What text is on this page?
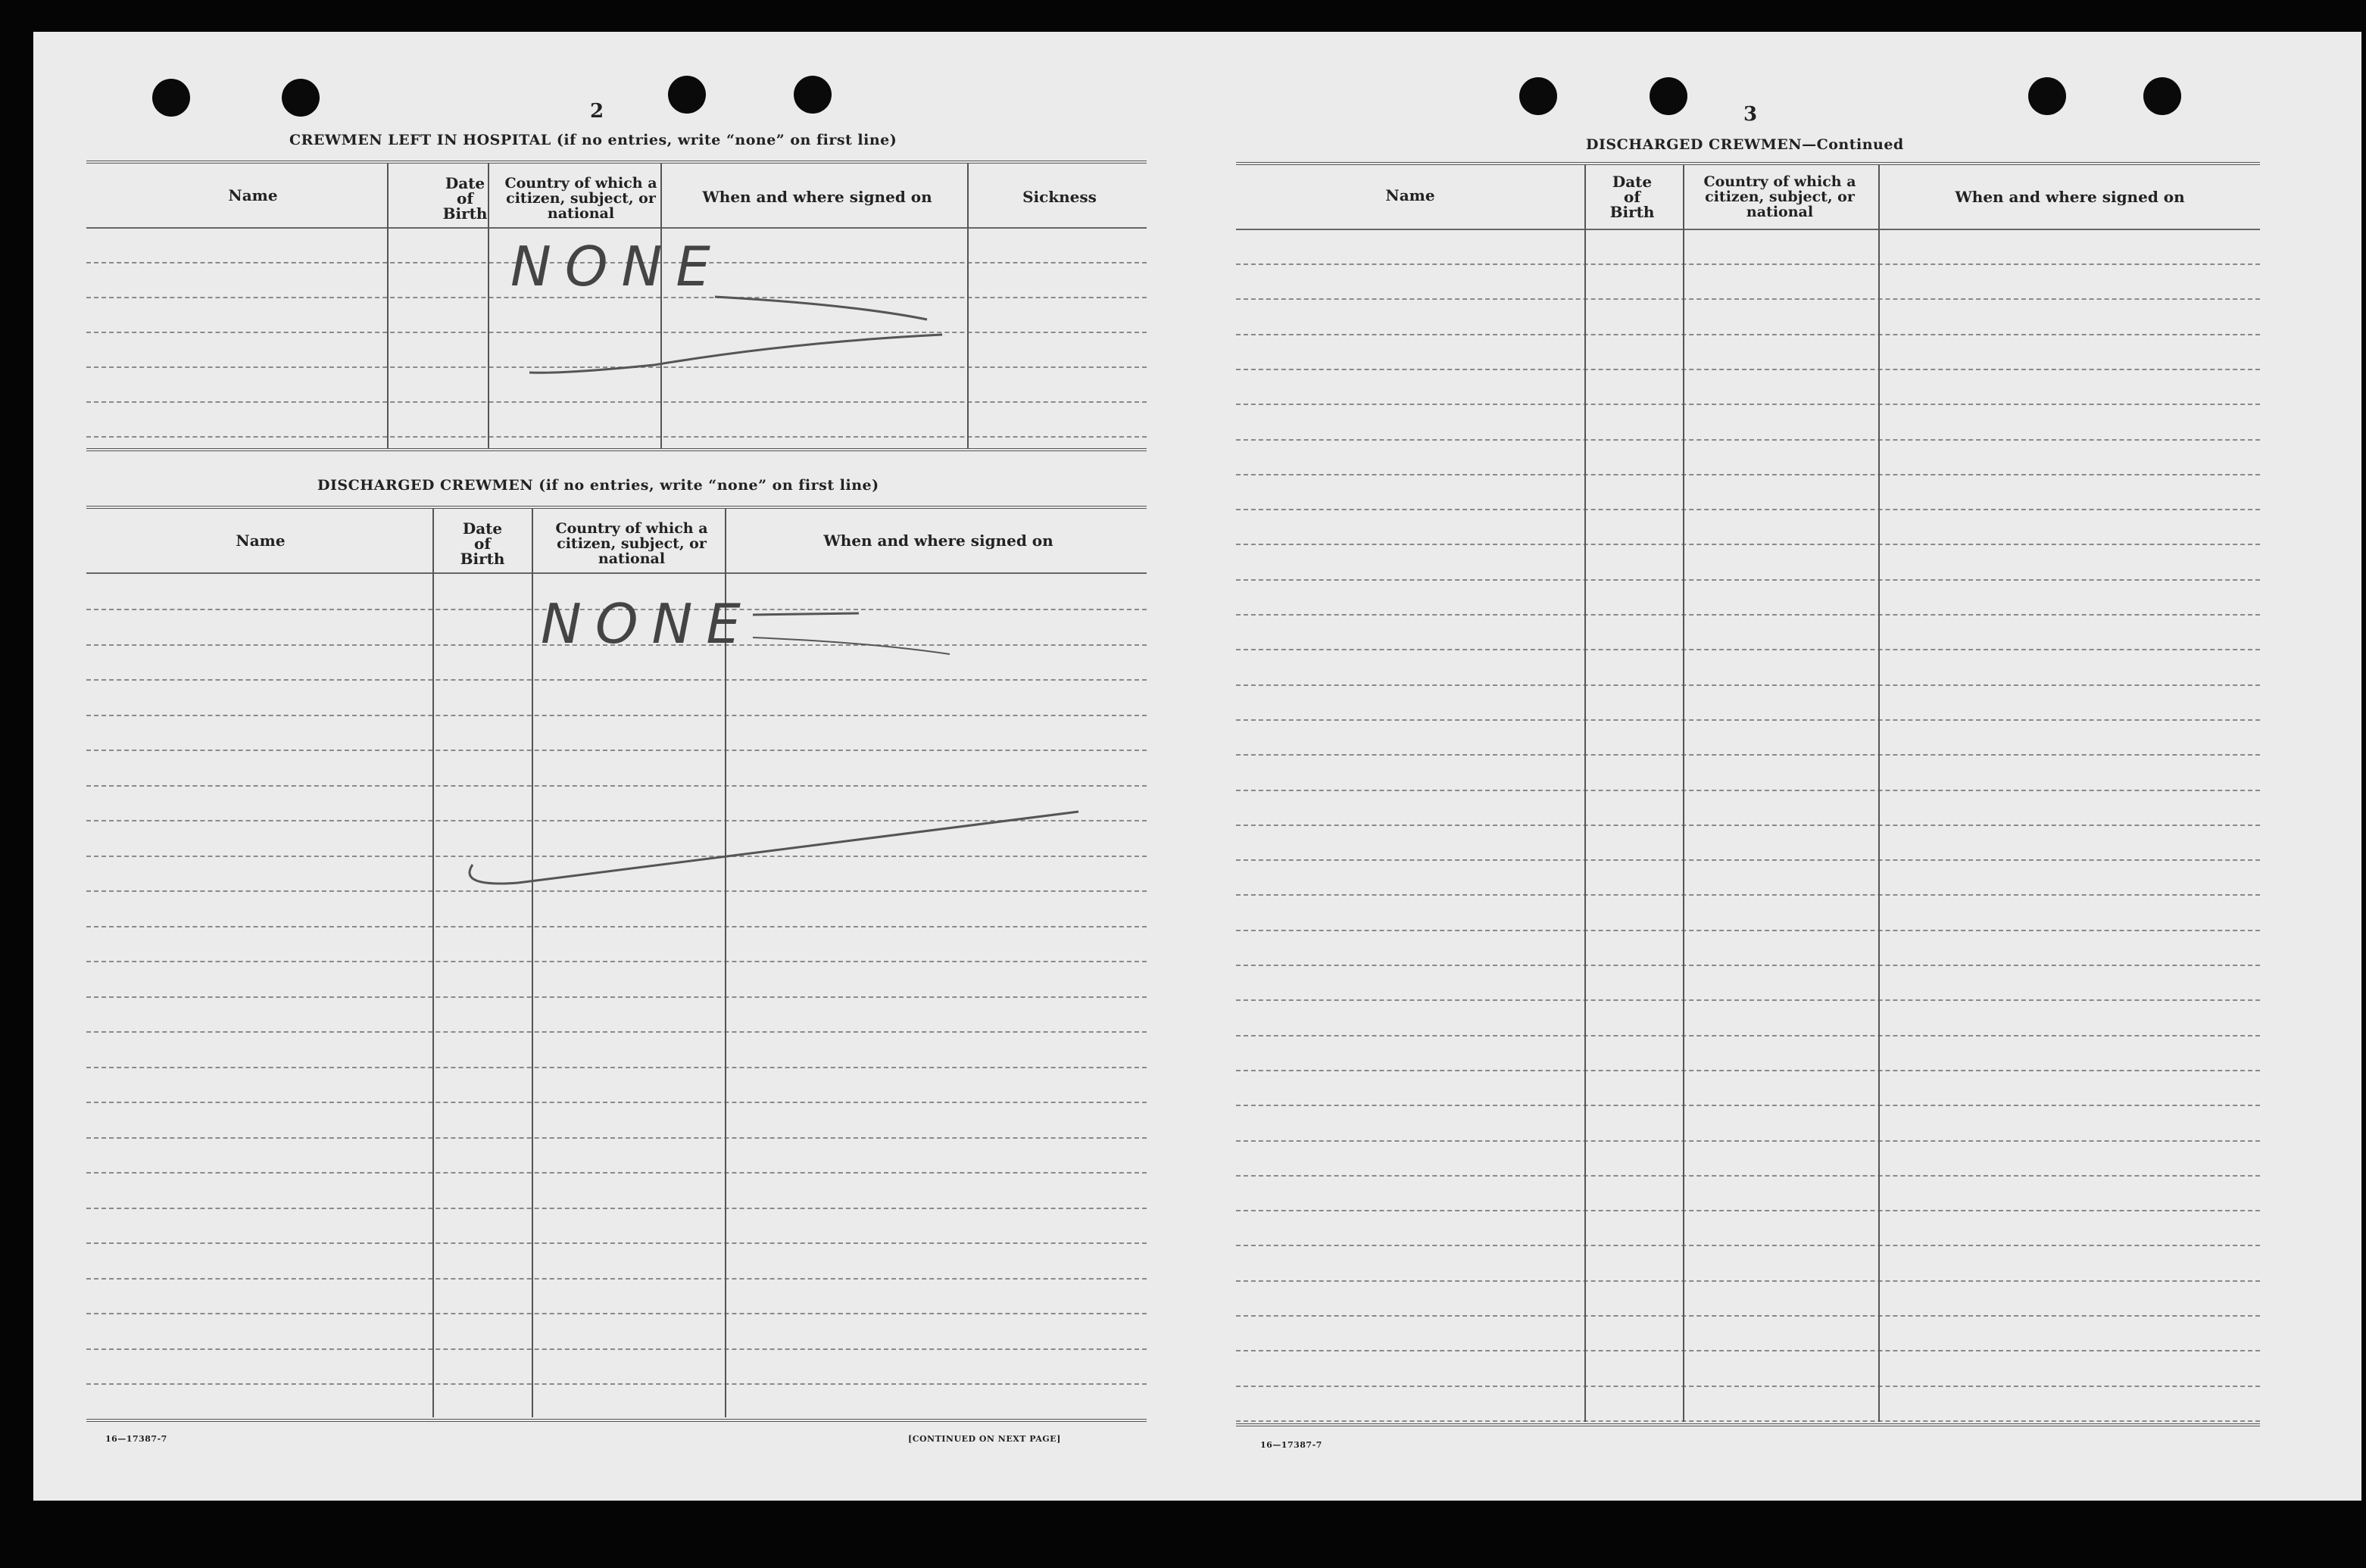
2
CREWMEN LEFT IN HOSPITAL (if no entries, write “none” on first line)
Name
Date
of
Birth
Country of which a
citizen, subject, or
national
When and where signed on	Sickness
NONE
DISCHARGED CREWMEN (if no entries, write “none” on first line)
Name
Date
of
Birth
Country of which a
citizen, subject, or
national
When and where signed on
NONE
16—17387-7	[CONTINUED ON NEXT PAGE]
3
DISCHARGED CREWMEN—Continued
Name
Date
of
Birth
Country of which a
citizen, subject, or
national
When and where signed on
16—17387-7
